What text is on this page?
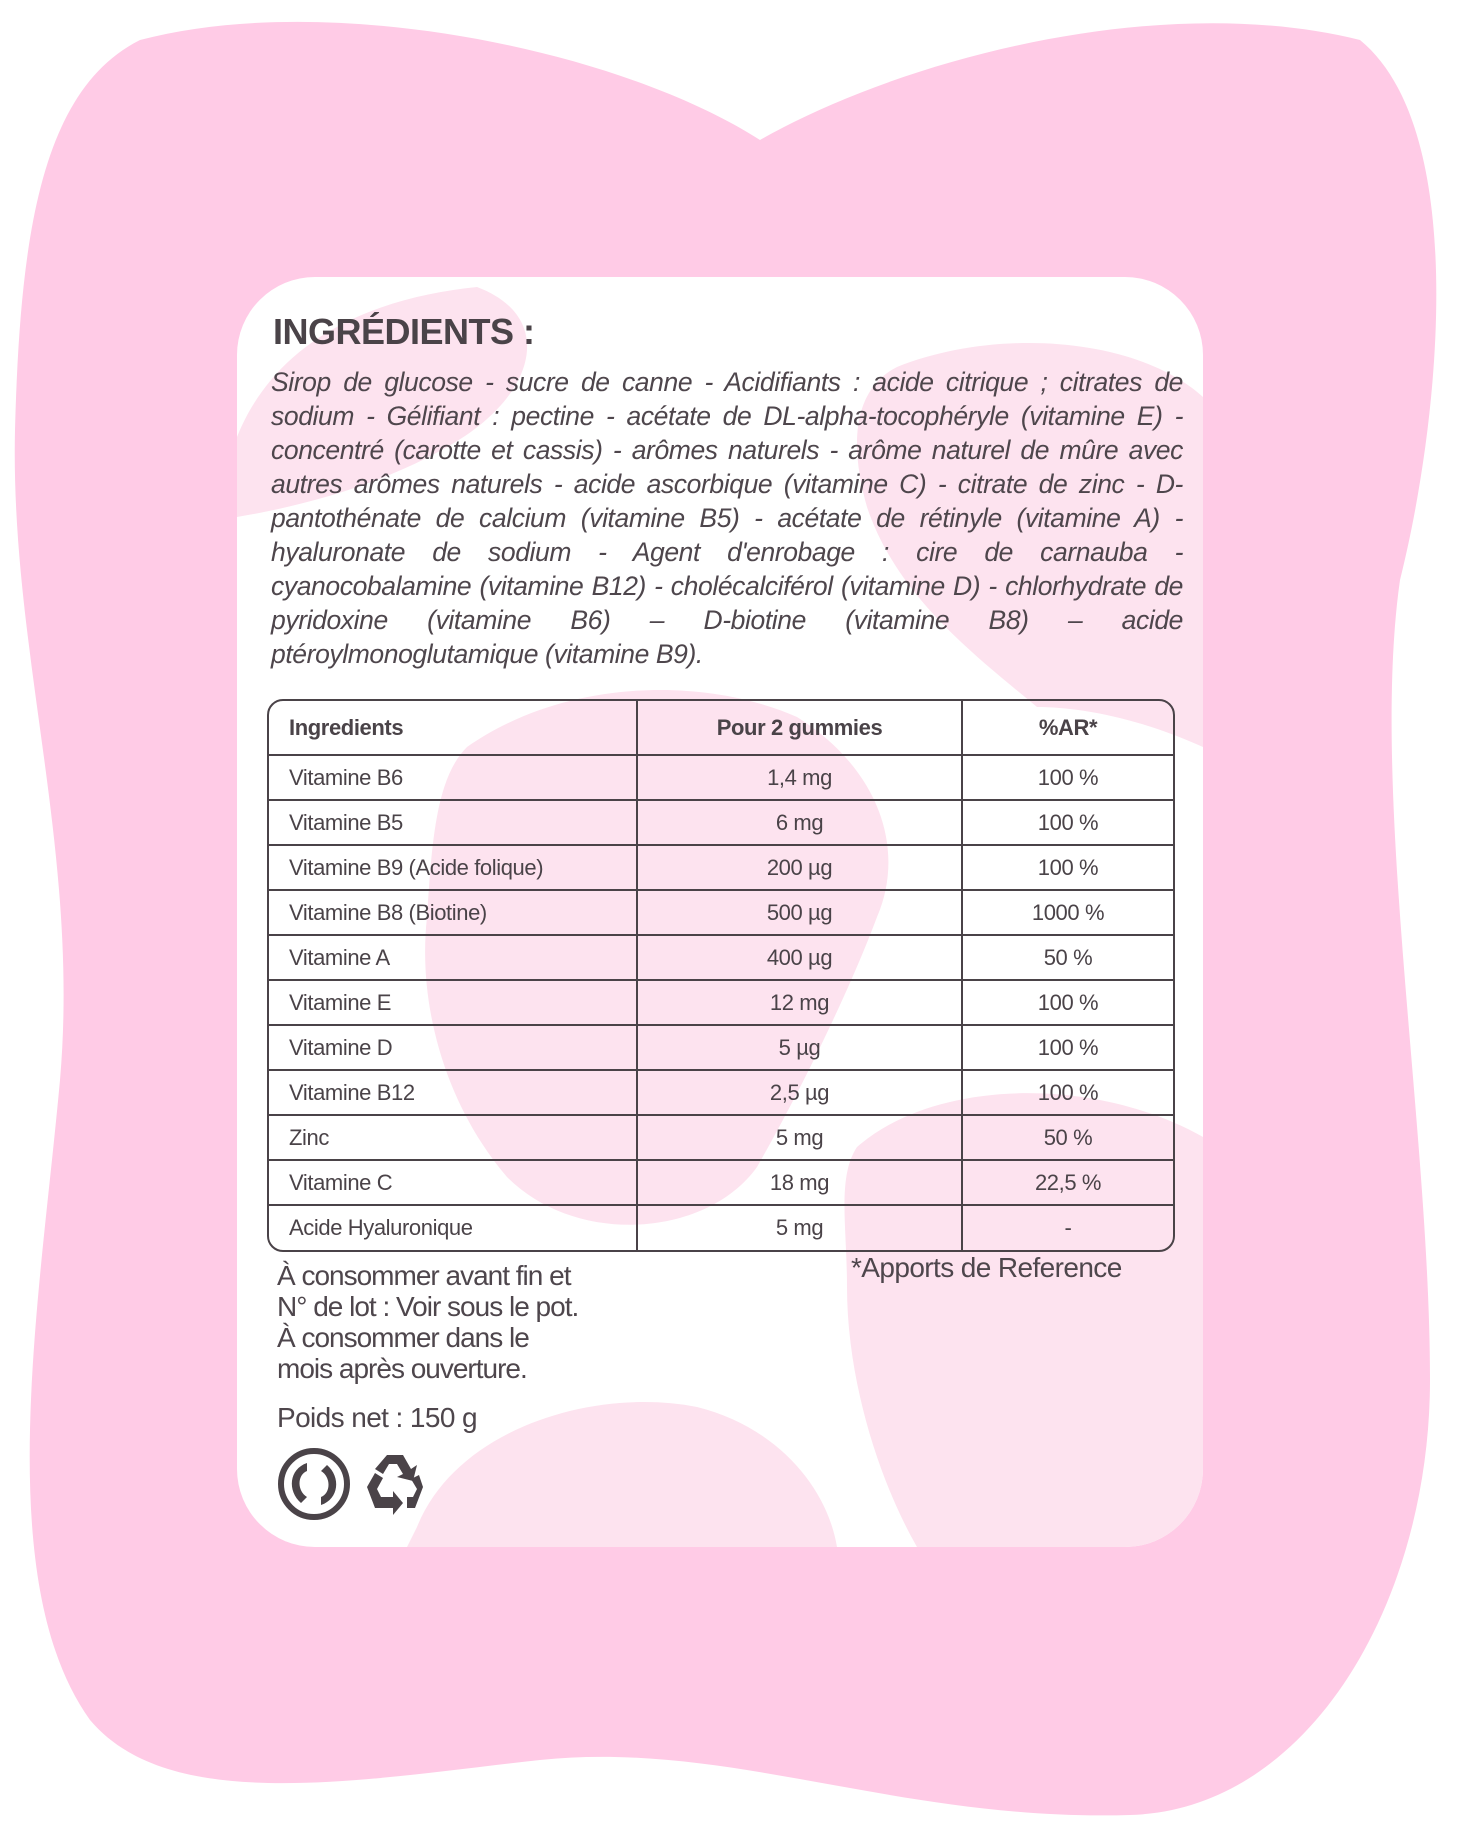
INGRÉDIENTS :

Sirop de glucose - sucre de canne - Acidifiants : acide citrique ; citrates de sodium - Gélifiant : pectine - acétate de DL-alpha-tocophéryle (vitamine E) - concentré (carotte et cassis) - arômes naturels - arôme naturel de mûre avec autres arômes naturels - acide ascorbique (vitamine C) - citrate de zinc - D-pantothénate de calcium (vitamine B5) - acétate de rétinyle (vitamine A) - hyaluronate de sodium - Agent d'enrobage : cire de carnauba - cyanocobalamine (vitamine B12) - cholécalciférol (vitamine D) - chlorhydrate de pyridoxine (vitamine B6) – D-biotine (vitamine B8) – acide ptéroylmonoglutamique (vitamine B9).

Ingredients	Pour 2 gummies	%AR*
Vitamine B6	1,4 mg	100 %
Vitamine B5	6 mg	100 %
Vitamine B9 (Acide folique)	200 µg	100 %
Vitamine B8 (Biotine)	500 µg	1000 %
Vitamine A	400 µg	50 %
Vitamine E	12 mg	100 %
Vitamine D	5 µg	100 %
Vitamine B12	2,5 µg	100 %
Zinc	5 mg	50 %
Vitamine C	18 mg	22,5 %
Acide Hyaluronique	5 mg	-
À consommer avant fin et
N° de lot : Voir sous le pot.
À consommer dans le
mois après ouverture.
*Apports de Reference
Poids net : 150 g
